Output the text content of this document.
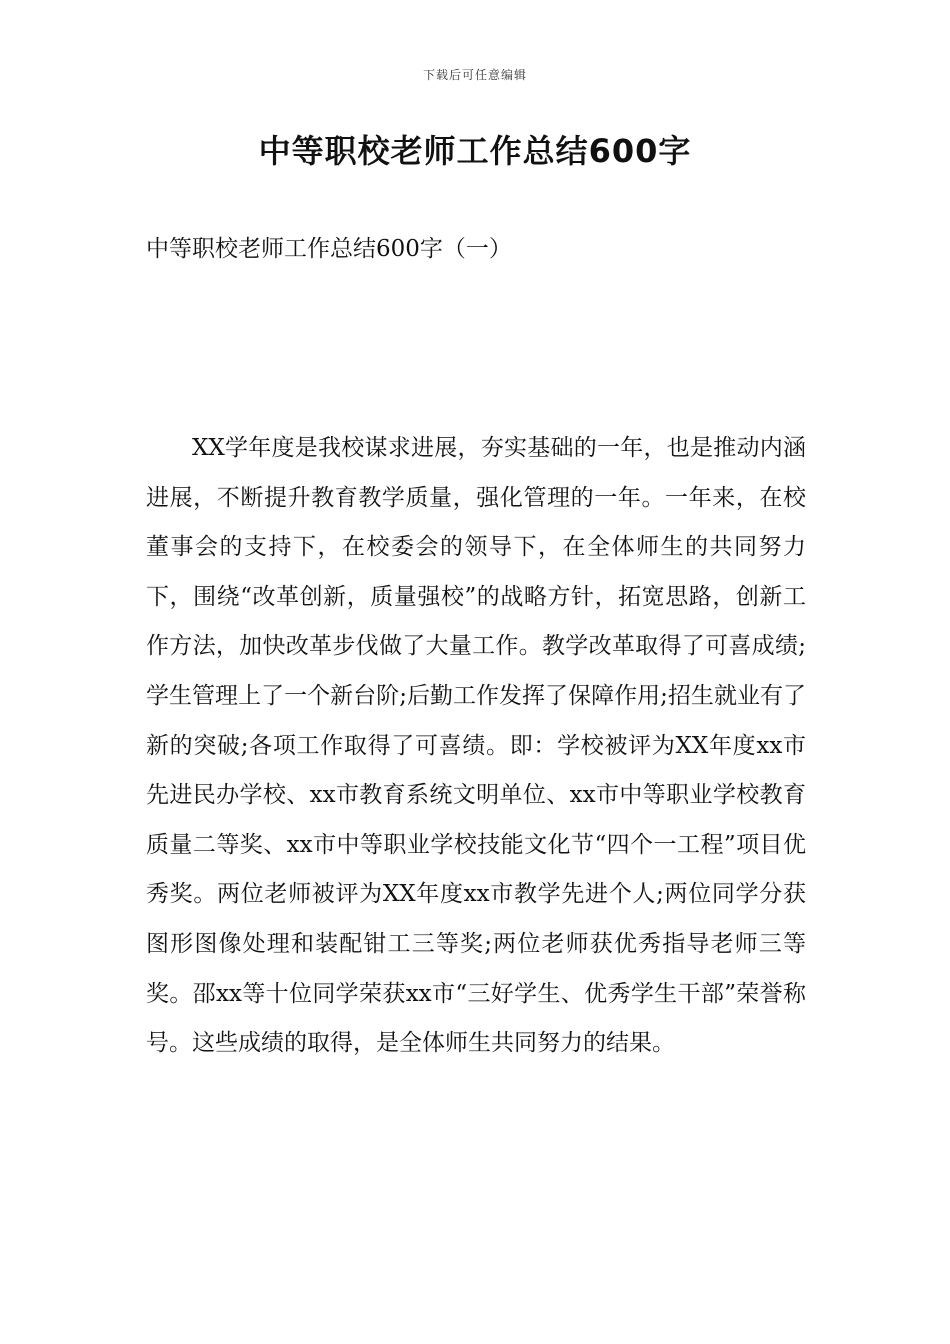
下载后可任意编辑
中等职校老师工作总结600字
中等职校老师工作总结600字（一）

XX学年度是我校谋求进展，夯实基础的一年，也是推动内涵进展，不断提升教育教学质量，强化管理的一年。一年来，在校董事会的支持下，在校委会的领导下，在全体师生的共同努力下，围绕“改革创新，质量强校”的战略方针，拓宽思路，创新工作方法，加快改革步伐做了大量工作。教学改革取得了可喜成绩;学生管理上了一个新台阶;后勤工作发挥了保障作用;招生就业有了新的突破;各项工作取得了可喜绩。即：学校被评为XX年度xx市先进民办学校、xx市教育系统文明单位、xx市中等职业学校教育质量二等奖、xx市中等职业学校技能文化节“四个一工程”项目优秀奖。两位老师被评为XX年度xx市教学先进个人;两位同学分获图形图像处理和装配钳工三等奖;两位老师获优秀指导老师三等奖。邵xx等十位同学荣获xx市“三好学生、优秀学生干部”荣誉称号。这些成绩的取得，是全体师生共同努力的结果。
